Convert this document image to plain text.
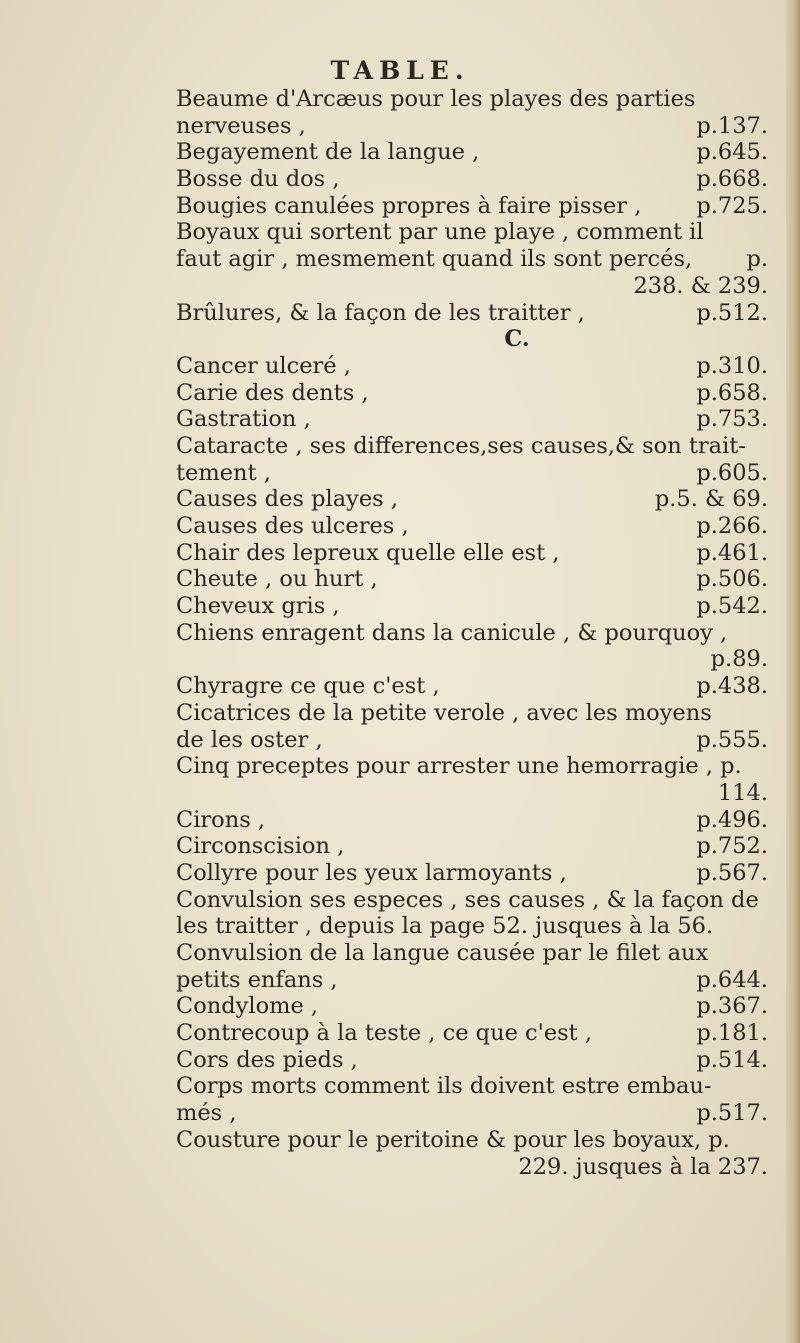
TABLE.
Beaume d'Arcæus pour les playes des parties
nerveuses ,	p.137.
Begayement de la langue ,	p.645.
Bosse du dos ,	p.668.
Bougies canulées propres à faire pisser , p.725.
Boyaux qui sortent par une playe , comment il
faut agir , mesmement quand ils sont percés, p.
238. & 239.
Brûlures, & la façon de les traitter ,	p.512.
C.
Cancer ulceré ,	p.310.
Carie des dents ,	p.658.
Gastration ,	p.753.
Cataracte , ses differences,ses causes,& son trait-
tement ,	p.605.
Causes des playes ,	p.5. & 69.
Causes des ulceres ,	p.266.
Chair des lepreux quelle elle est ,	p.461.
Cheute , ou hurt ,	p.506.
Cheveux gris ,	p.542.
Chiens enragent dans la canicule , & pourquoy ,
p.89.
Chyragre ce que c'est ,	p.438.
Cicatrices de la petite verole , avec les moyens
de les oster ,	p.555.
Cinq preceptes pour arrester une hemorragie , p.
114.
Cirons ,	p.496.
Circonscision ,	p.752.
Collyre pour les yeux larmoyants ,	p.567.
Convulsion ses especes , ses causes , & la façon de
les traitter , depuis la page 52. jusques à la 56.
Convulsion de la langue causée par le filet aux
petits enfans ,	p.644.
Condylome ,	p.367.
Contrecoup à la teste , ce que c'est ,	p.181.
Cors des pieds ,	p.514.
Corps morts comment ils doivent estre embau-
més ,	p.517.
Cousture pour le peritoine & pour les boyaux, p.
229. jusques à la 237.
